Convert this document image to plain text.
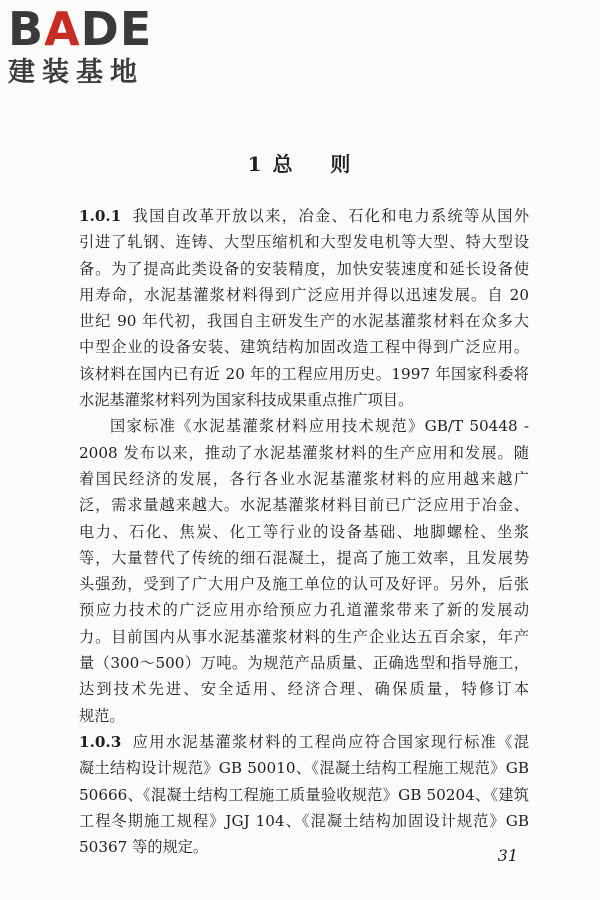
B A D E
建装基地
1 总    则
1.0.1 我国自改革开放以来，冶金、石化和电力系统等从国外
引进了轧钢、连铸、大型压缩机和大型发电机等大型、特大型设
备。为了提高此类设备的安装精度，加快安装速度和延长设备使
用寿命，水泥基灌浆材料得到广泛应用并得以迅速发展。自 20
世纪 90 年代初，我国自主研发生产的水泥基灌浆材料在众多大
中型企业的设备安装、建筑结构加固改造工程中得到广泛应用。
该材料在国内已有近 20 年的工程应用历史。1997 年国家科委将
水泥基灌浆材料列为国家科技成果重点推广项目。
国家标准《水泥基灌浆材料应用技术规范》GB/T 50448 -
2008 发布以来，推动了水泥基灌浆材料的生产应用和发展。随
着国民经济的发展，各行各业水泥基灌浆材料的应用越来越广
泛，需求量越来越大。水泥基灌浆材料目前已广泛应用于冶金、
电力、石化、焦炭、化工等行业的设备基础、地脚螺栓、坐浆
等，大量替代了传统的细石混凝土，提高了施工效率，且发展势
头强劲，受到了广大用户及施工单位的认可及好评。另外，后张
预应力技术的广泛应用亦给预应力孔道灌浆带来了新的发展动
力。目前国内从事水泥基灌浆材料的生产企业达五百余家，年产
量（300～500）万吨。为规范产品质量、正确选型和指导施工，
达到技术先进、安全适用、经济合理、确保质量，特修订本
规范。
1.0.3 应用水泥基灌浆材料的工程尚应符合国家现行标准《混
凝土结构设计规范》GB 50010、《混凝土结构工程施工规范》GB
50666、《混凝土结构工程施工质量验收规范》GB 50204、《建筑
工程冬期施工规程》JGJ 104、《混凝土结构加固设计规范》GB
50367 等的规定。	31
